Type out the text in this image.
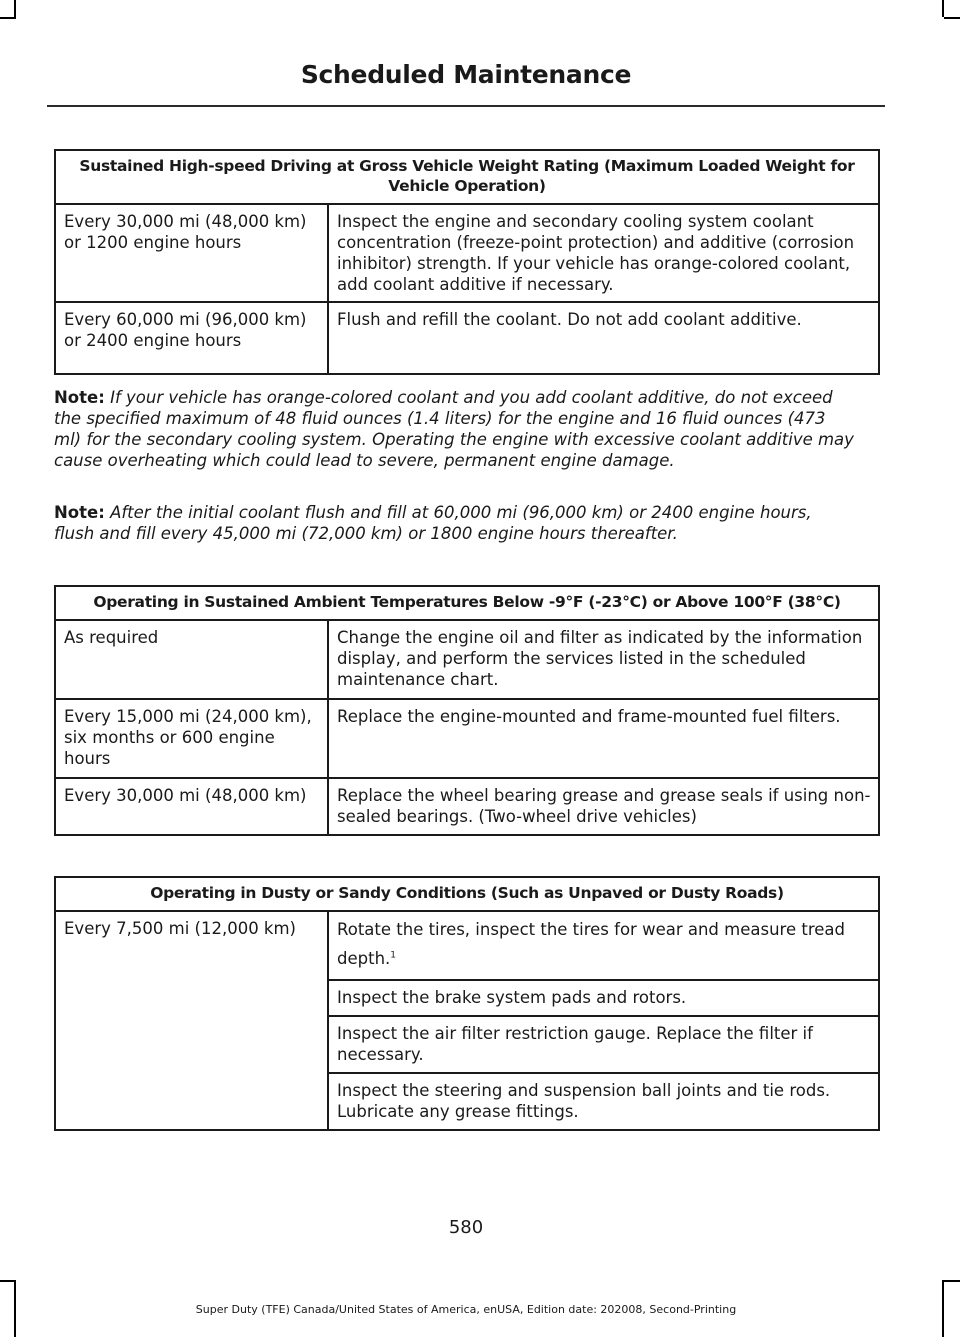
Scheduled Maintenance
Sustained High-speed Driving at Gross Vehicle Weight Rating (Maximum Loaded Weight for Vehicle Operation)	
Every 30,000 mi (48,000 km) or 1200 engine hours	Inspect the engine and secondary cooling system coolant concentration (freeze-point protection) and additive (corrosion inhibitor) strength. If your vehicle has orange-colored coolant, add coolant additive if necessary.
Every 60,000 mi (96,000 km) or 2400 engine hours	Flush and refill the coolant. Do not add coolant additive.
Note: If your vehicle has orange-colored coolant and you add coolant additive, do not exceed the specified maximum of 48 fluid ounces (1.4 liters) for the engine and 16 fluid ounces (473 ml) for the secondary cooling system. Operating the engine with excessive coolant additive may cause overheating which could lead to severe, permanent engine damage.
Note: After the initial coolant flush and fill at 60,000 mi (96,000 km) or 2400 engine hours, flush and fill every 45,000 mi (72,000 km) or 1800 engine hours thereafter.
Operating in Sustained Ambient Temperatures Below -9°F (-23°C) or Above 100°F (38°C)	
As required	Change the engine oil and filter as indicated by the information display, and perform the services listed in the scheduled maintenance chart.
Every 15,000 mi (24,000 km), six months or 600 engine hours	Replace the engine-mounted and frame-mounted fuel filters.
Every 30,000 mi (48,000 km)	Replace the wheel bearing grease and grease seals if using non-sealed bearings. (Two-wheel drive vehicles)
Operating in Dusty or Sandy Conditions (Such as Unpaved or Dusty Roads)
Every 7,500 mi (12,000 km)	Rotate the tires, inspect the tires for wear and measure tread depth.$^1$
Inspect the brake system pads and rotors.
Inspect the air filter restriction gauge. Replace the filter if necessary.
Inspect the steering and suspension ball joints and tie rods. Lubricate any grease fittings.
580
Super Duty (TFE) Canada/United States of America, enUSA, Edition date: 202008, Second-Printing
